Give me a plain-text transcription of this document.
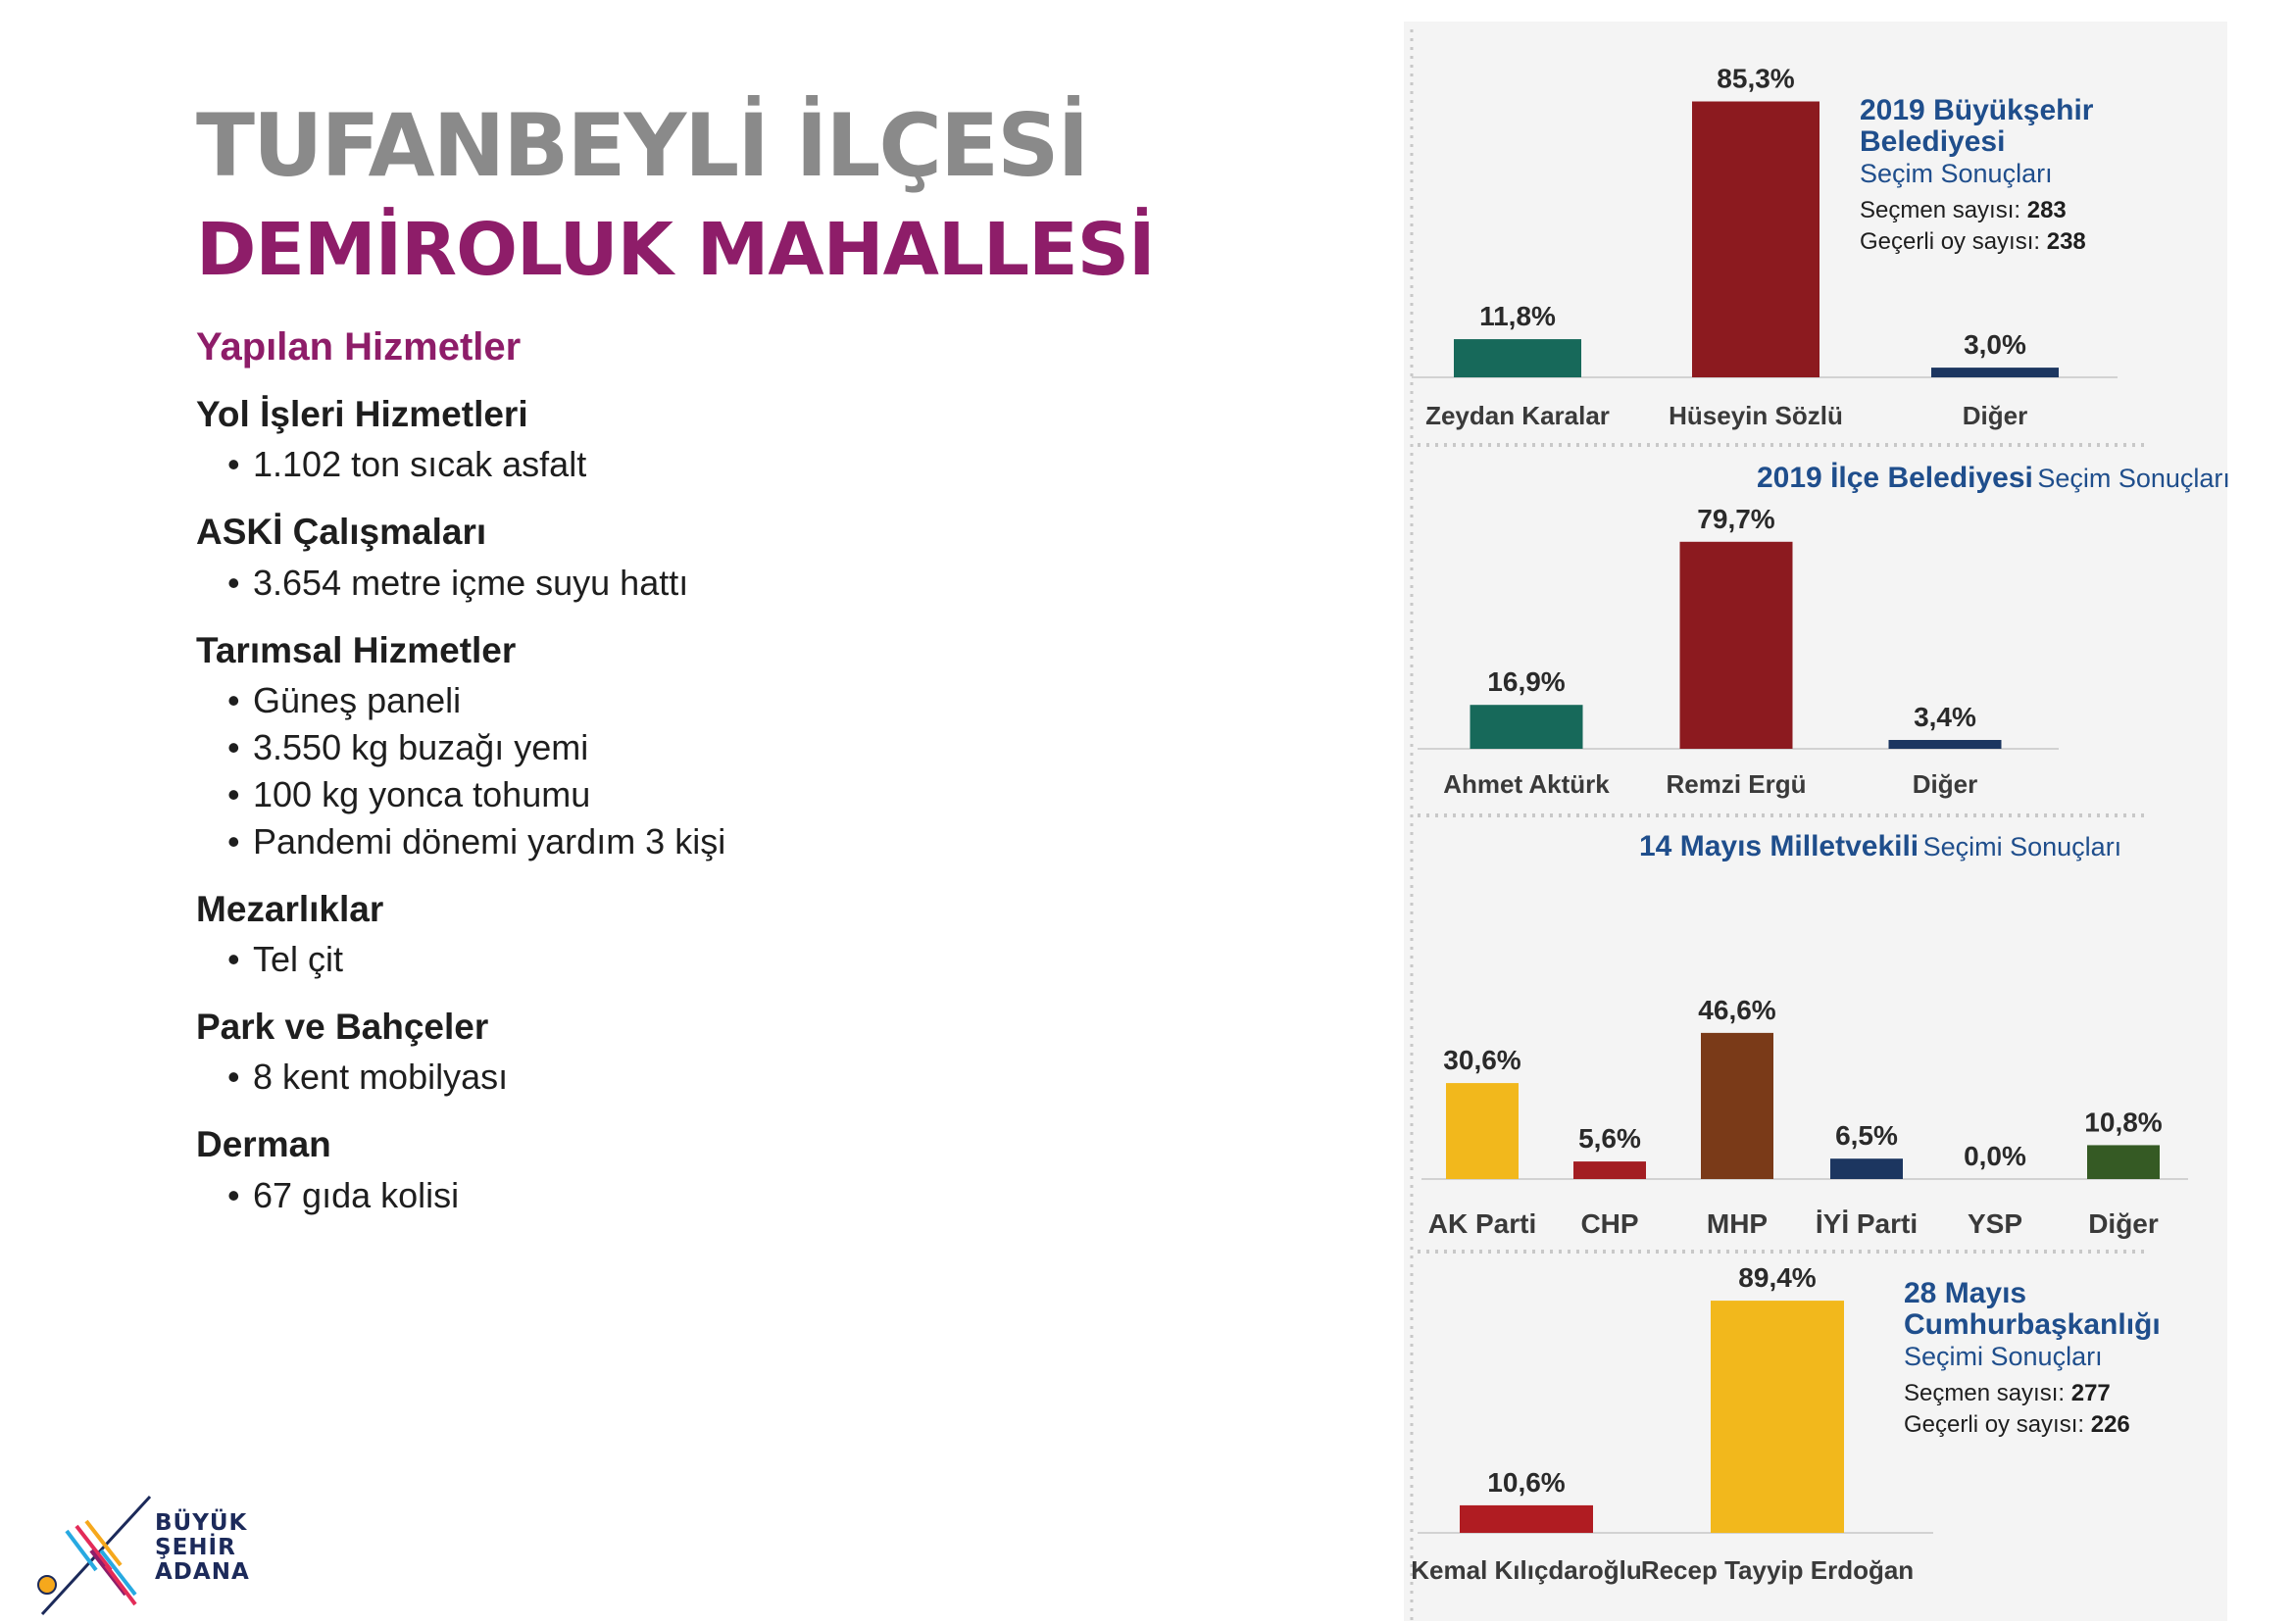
TUFANBEYLİ İLÇESİ
DEMİROLUK MAHALLESİ
Yapılan Hizmetler
Yol İşleri Hizmetleri
• 1.102 ton sıcak asfalt
ASKİ Çalışmaları
• 3.654 metre içme suyu hattı
Tarımsal Hizmetler
• Güneş paneli
• 3.550 kg buzağı yemi
• 100 kg yonca tohumu
• Pandemi dönemi yardım 3 kişi
Mezarlıklar
• Tel çit
Park ve Bahçeler
• 8 kent mobilyası
Derman
• 67 gıda kolisi
BÜYÜK
ŞEHİR
ADANA
11,8%
Zeydan Karalar
85,3%
Hüseyin Sözlü
3,0%
Diğer
16,9%
Ahmet Aktürk
79,7%
Remzi Ergü
3,4%
Diğer
30,6%
AK Parti
5,6%
CHP
46,6%
MHP
6,5%
İYİ Parti
0,0%
YSP
10,8%
Diğer
10,6%
Kemal Kılıçdaroğlu
89,4%
Recep Tayyip Erdoğan
2019 Büyükşehir Belediyesi
Seçim Sonuçları
Seçmen sayısı: 283
Geçerli oy sayısı: 238
2019 İlçe Belediyesi Seçim Sonuçları
14 Mayıs Milletvekili Seçimi Sonuçları
28 Mayıs
Cumhurbaşkanlığı
Seçimi Sonuçları
Seçmen sayısı: 277
Geçerli oy sayısı: 226
